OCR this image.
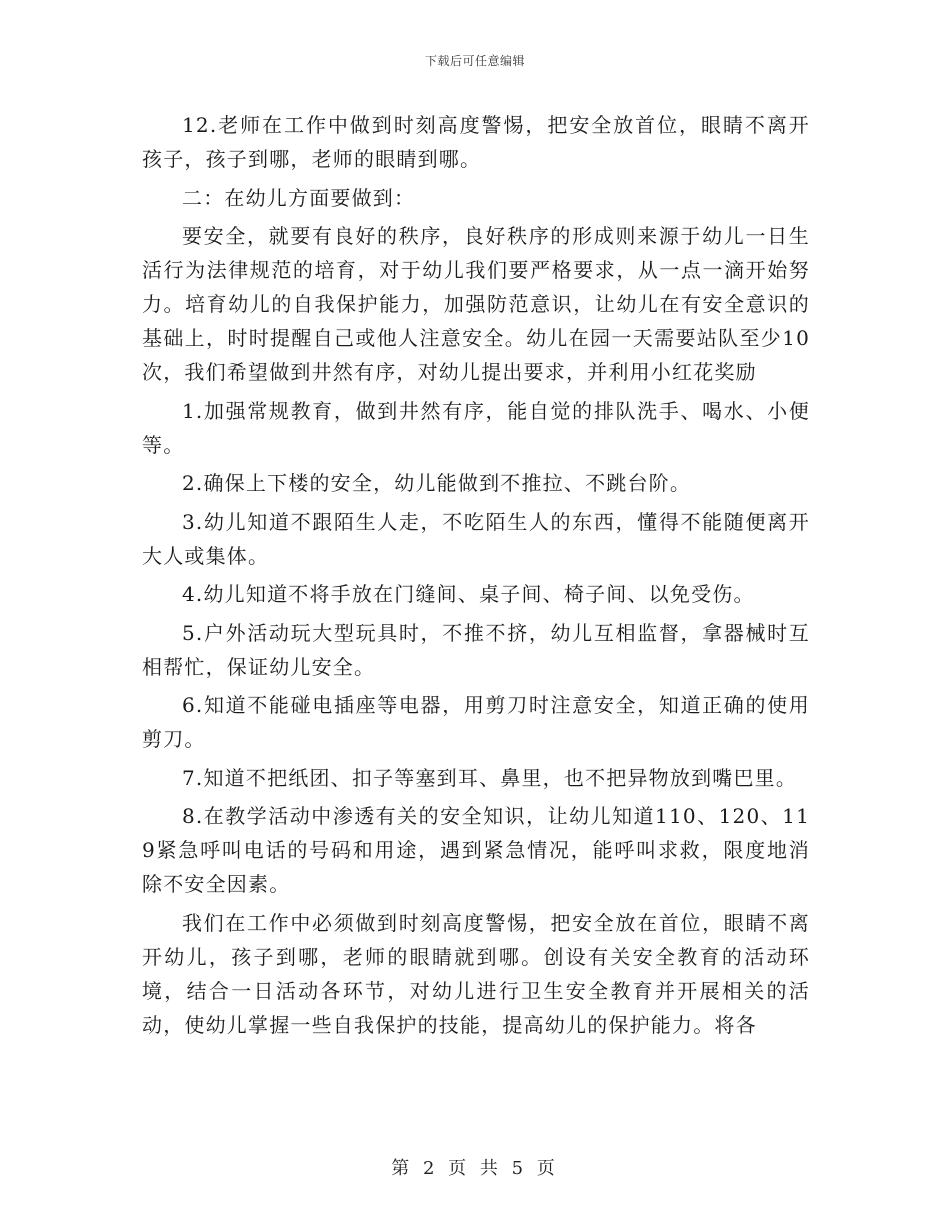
下载后可任意编辑

12.老师在工作中做到时刻高度警惕，把安全放首位，眼睛不离开孩子，孩子到哪，老师的眼睛到哪。

二：在幼儿方面要做到：

要安全，就要有良好的秩序，良好秩序的形成则来源于幼儿一日生活行为法律规范的培育，对于幼儿我们要严格要求，从一点一滴开始努力。培育幼儿的自我保护能力，加强防范意识，让幼儿在有安全意识的基础上，时时提醒自己或他人注意安全。幼儿在园一天需要站队至少10次，我们希望做到井然有序，对幼儿提出要求，并利用小红花奖励

1.加强常规教育，做到井然有序，能自觉的排队洗手、喝水、小便等。

2.确保上下楼的安全，幼儿能做到不推拉、不跳台阶。

3.幼儿知道不跟陌生人走，不吃陌生人的东西，懂得不能随便离开大人或集体。

4.幼儿知道不将手放在门缝间、桌子间、椅子间、以免受伤。

5.户外活动玩大型玩具时，不推不挤，幼儿互相监督，拿器械时互相帮忙，保证幼儿安全。

6.知道不能碰电插座等电器，用剪刀时注意安全，知道正确的使用剪刀。

7.知道不把纸团、扣子等塞到耳、鼻里，也不把异物放到嘴巴里。

8.在教学活动中渗透有关的安全知识，让幼儿知道110、120、119紧急呼叫电话的号码和用途，遇到紧急情况，能呼叫求救，限度地消除不安全因素。

我们在工作中必须做到时刻高度警惕，把安全放在首位，眼睛不离开幼儿，孩子到哪，老师的眼睛就到哪。创设有关安全教育的活动环境，结合一日活动各环节，对幼儿进行卫生安全教育并开展相关的活动，使幼儿掌握一些自我保护的技能，提高幼儿的保护能力。将各

第 2 页 共 5 页
